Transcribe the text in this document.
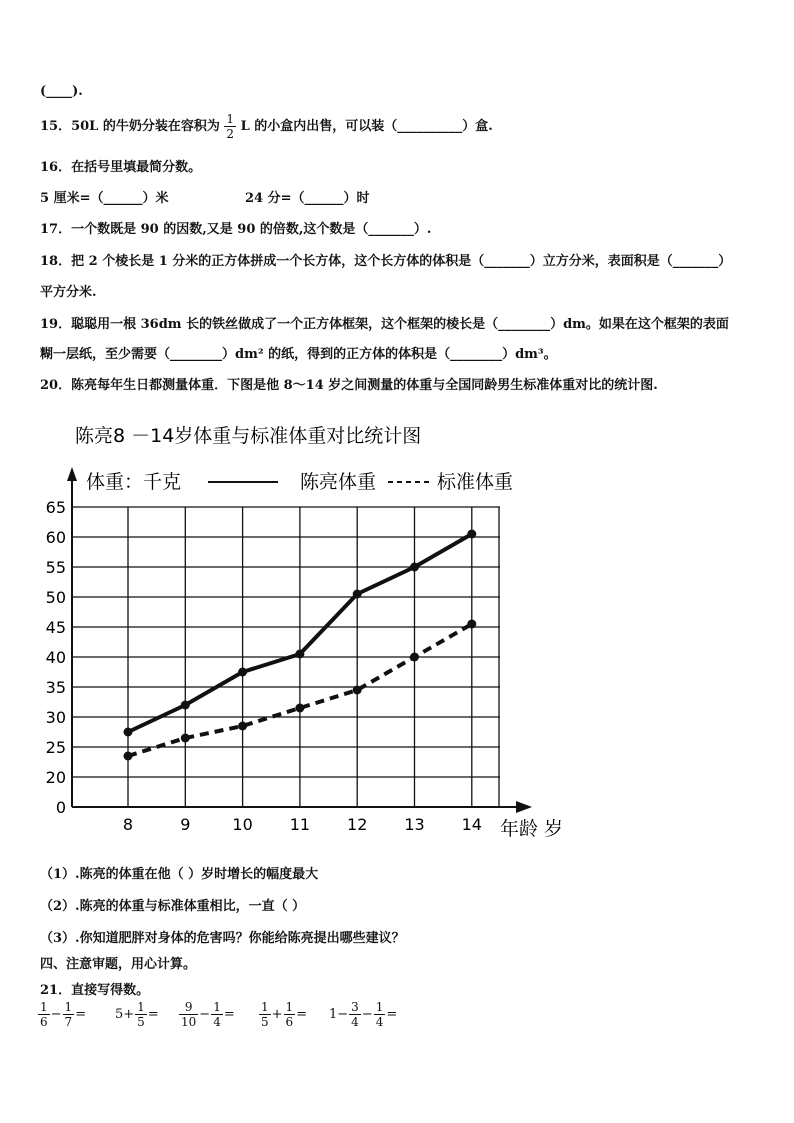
(____).
15．50L 的牛奶分装在容积为 $\frac{1}{2}$ L 的小盒内出售，可以装（__________）盒.
16．在括号里填最简分数。
5 厘米=（______）米	24 分=（______）时
17．一个数既是 90 的因数,又是 90 的倍数,这个数是（_______）.
18．把 2 个棱长是 1 分米的正方体拼成一个长方体，这个长方体的体积是（_______）立方分米，表面积是（_______）
平方分米.
19．聪聪用一根 36dm 长的铁丝做成了一个正方体框架，这个框架的棱长是（________）dm。如果在这个框架的表面
糊一层纸，至少需要（________）dm² 的纸，得到的正方体的体积是（________）dm³。
20．陈亮每年生日都测量体重．下图是他 8～14 岁之间测量的体重与全国同龄男生标准体重对比的统计图.
陈亮8 －14岁体重与标准体重对比统计图
体重：千克	陈亮体重	标准体重
0
20
25
30
35
40
45
50
55
60
65
8	9	10 11 12 13 14 年龄 岁
（1）.陈亮的体重在他（ ）岁时增长的幅度最大
（2）.陈亮的体重与标准体重相比，一直（ ）
（3）.你知道肥胖对身体的危害吗？你能给陈亮提出哪些建议？
四、注意审题，用心计算。
21．直接写得数。
$\frac{1}{6} - \frac{1}{7} = 5+ \frac{1}{5} = \frac{9}{10} - \frac{1}{4} = \frac{1}{5} + \frac{1}{6} = 1- \frac{3}{4} - \frac{1}{4}$ =
